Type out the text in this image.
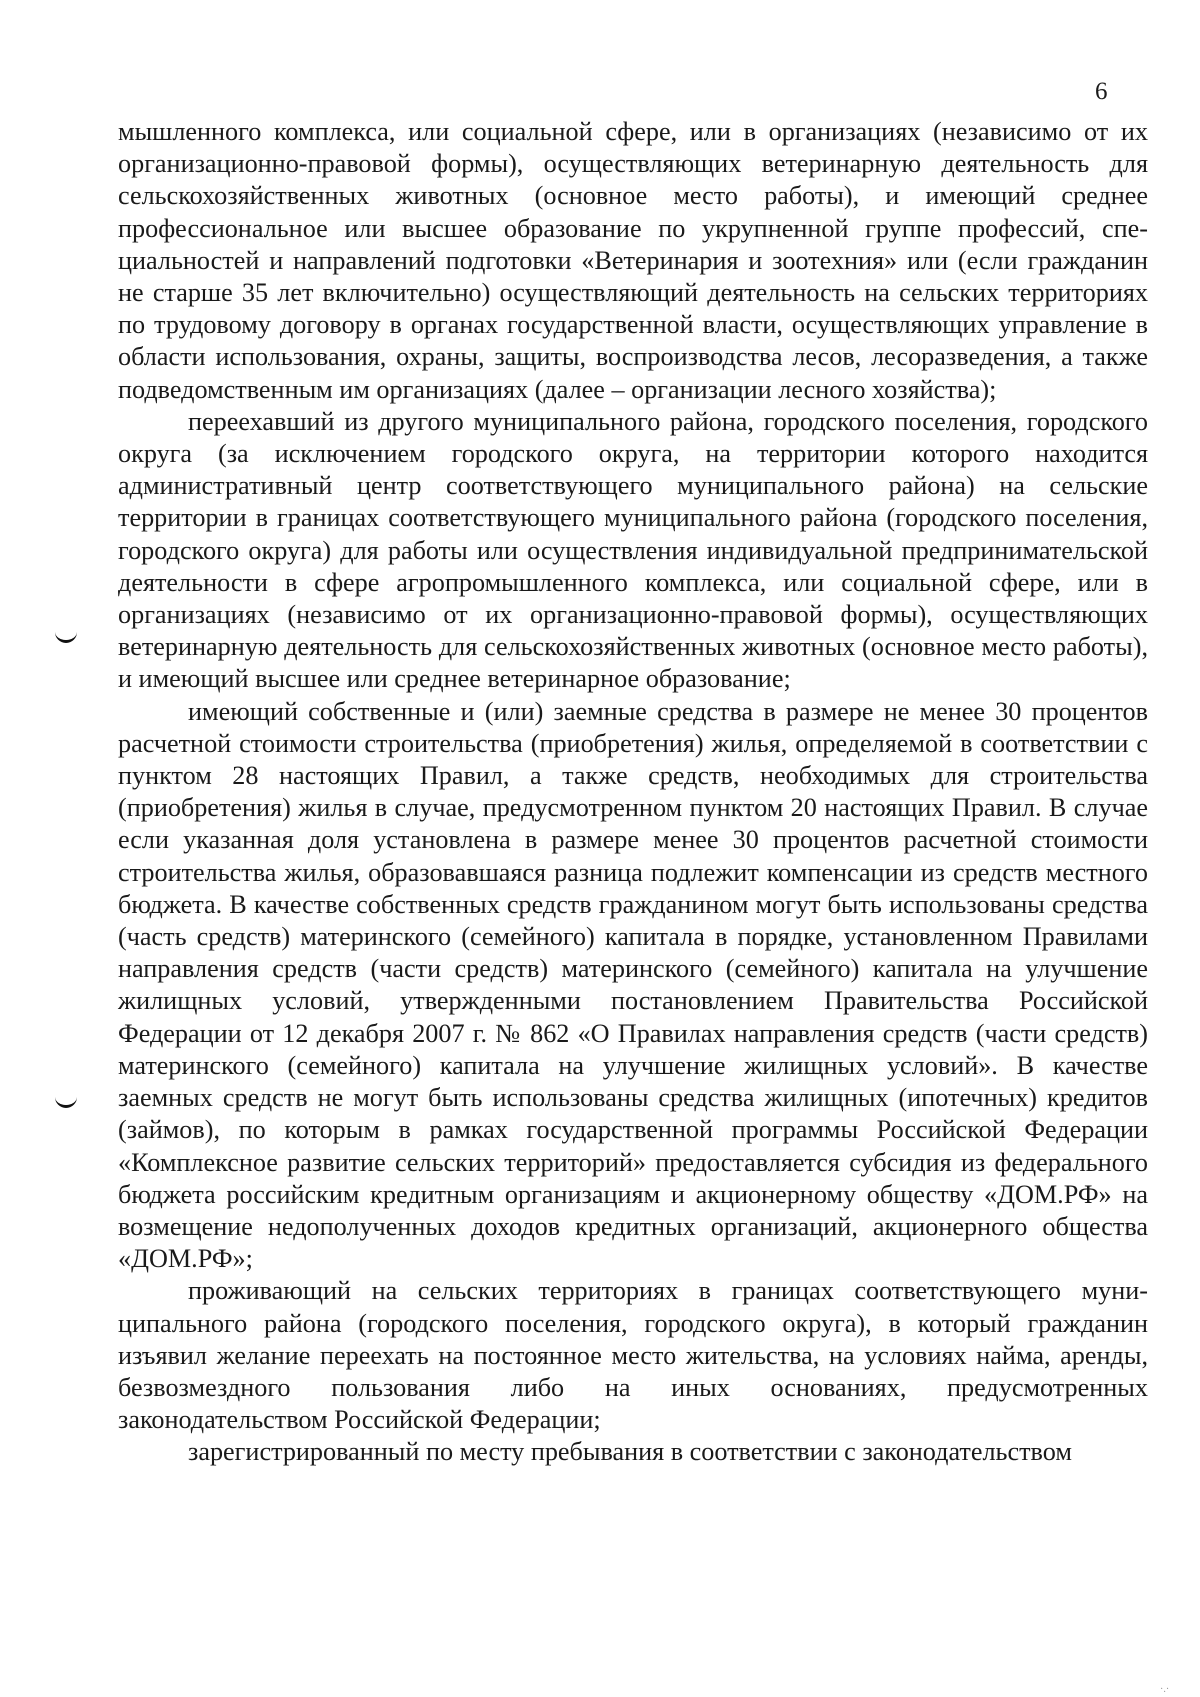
6

мышленного комплекса, или социальной сфере, или в организациях (независимо от их организационно-правовой формы), осуществляющих ветеринарную деятельность для сельскохозяйственных животных (основное место работы), и имеющий среднее профессиональное или высшее образование по укрупненной группе профессий, специальностей и направлений подготовки «Ветеринария и зоотехния» или (если гражданин не старше 35 лет включительно) осуществляющий деятельность на сельских территориях по трудовому договору в органах государственной власти, осуществляющих управление в области использования, охраны, защиты, воспроизводства лесов, лесоразведения, а также подведомственным им организациях (далее – организации лесного хозяйства);

переехавший из другого муниципального района, городского поселения, городского округа (за исключением городского округа, на территории которого находится административный центр соответствующего муниципального района) на сельские территории в границах соответствующего муниципального района (городского поселения, городского округа) для работы или осуществления индивидуальной предпринимательской деятельности в сфере агропромышленного комплекса, или социальной сфере, или в организациях (независимо от их организационно-правовой формы), осуществляющих ветеринарную деятельность для сельскохозяйственных животных (основное место работы), и имеющий высшее или среднее ветеринарное образование;

имеющий собственные и (или) заемные средства в размере не менее 30 процентов расчетной стоимости строительства (приобретения) жилья, определяемой в соответствии с пунктом 28 настоящих Правил, а также средств, необходимых для строительства (приобретения) жилья в случае, предусмотренном пунктом 20 настоящих Правил. В случае если указанная доля установлена в размере менее 30 процентов расчетной стоимости строительства жилья, образовавшаяся разница подлежит компенсации из средств местного бюджета. В качестве собственных средств гражданином могут быть использованы средства (часть средств) материнского (семейного) капитала в порядке, установленном Правилами направления средств (части средств) материнского (семейного) капитала на улучшение жилищных условий, утвержденными постановлением Правительства Российской Федерации от 12 декабря 2007 г. № 862 «О Правилах направления средств (части средств) материнского (семейного) капитала на улучшение жилищных условий». В качестве заемных средств не могут быть использованы средства жилищных (ипотечных) кредитов (займов), по которым в рамках государственной программы Российской Федерации «Комплексное развитие сельских территорий» предоставляется субсидия из федерального бюджета российским кредитным организациям и акционерному обществу «ДОМ.РФ» на возмещение недополученных доходов кредитных организаций, акционерного общества «ДОМ.РФ»;

проживающий на сельских территориях в границах соответствующего муниципального района (городского поселения, городского округа), в который гражданин изъявил желание переехать на постоянное место жительства, на условиях найма, аренды, безвозмездного пользования либо на иных основаниях, предусмотренных законодательством Российской Федерации;

зарегистрированный по месту пребывания в соответствии с законодательством

·.·
